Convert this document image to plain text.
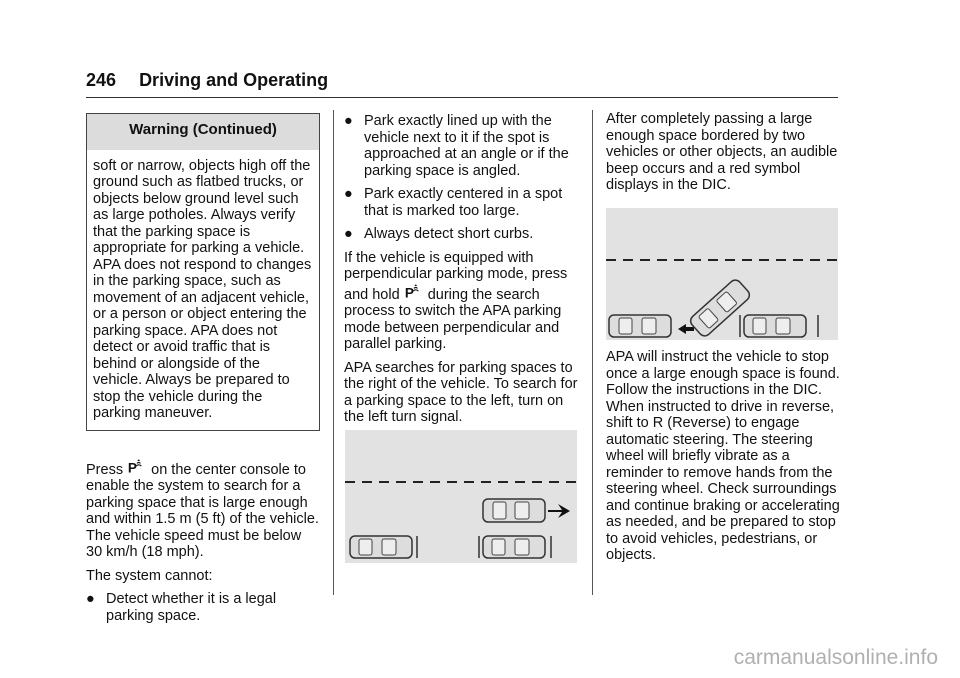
246 Driving and Operating
Warning (Continued)
soft or narrow, objects high off the ground such as flatbed trucks, or objects below ground level such as large potholes. Always verify that the parking space is appropriate for parking a vehicle. APA does not respond to changes in the parking space, such as movement of an adjacent vehicle, or a person or object entering the parking space. APA does not detect or avoid traffic that is behind or alongside of the vehicle. Always be prepared to stop the vehicle during the parking maneuver.

Press P on the center console to enable the system to search for a parking space that is large enough and within 1.5 m (5 ft) of the vehicle. The vehicle speed must be below 30 km/h (18 mph).

The system cannot:

● Detect whether it is a legal parking space.
● Park exactly lined up with the vehicle next to it if the spot is approached at an angle or if the parking space is angled.
● Park exactly centered in a spot that is marked too large.
● Always detect short curbs.

If the vehicle is equipped with perpendicular parking mode, press and hold P during the search process to switch the APA parking mode between perpendicular and parallel parking.

APA searches for parking spaces to the right of the vehicle. To search for a parking space to the left, turn on the left turn signal.

After completely passing a large enough space bordered by two vehicles or other objects, an audible beep occurs and a red symbol displays in the DIC.

APA will instruct the vehicle to stop once a large enough space is found. Follow the instructions in the DIC. When instructed to drive in reverse, shift to R (Reverse) to engage automatic steering. The steering wheel will briefly vibrate as a reminder to remove hands from the steering wheel. Check surroundings and continue braking or accelerating as needed, and be prepared to stop to avoid vehicles, pedestrians, or objects.

carmanualsonline.info
